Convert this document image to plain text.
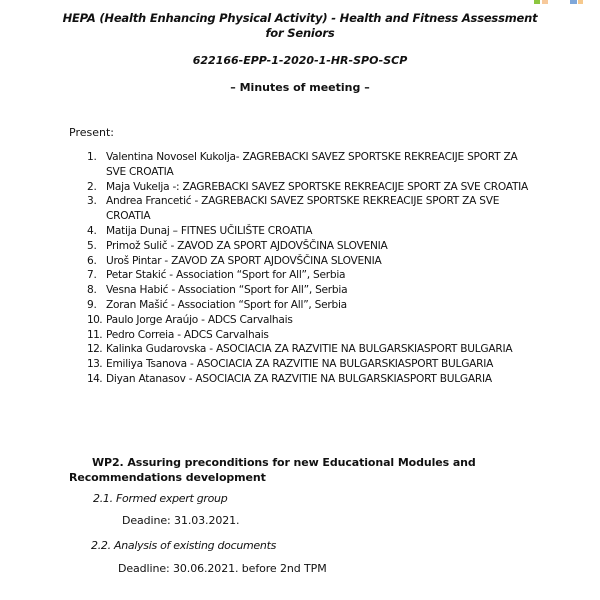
HEPA (Health Enhancing Physical Activity) - Health and Fitness Assessment for Seniors
622166-EPP-1-2020-1-HR-SPO-SCP
– Minutes of meeting –
Present:
1. Valentina Novosel Kukolja- ZAGREBACKI SAVEZ SPORTSKE REKREACIJE SPORT ZA SVE CROATIA
2. Maja Vukelja -: ZAGREBACKI SAVEZ SPORTSKE REKREACIJE SPORT ZA SVE CROATIA
3. Andrea Francetić - ZAGREBACKI SAVEZ SPORTSKE REKREACIJE SPORT ZA SVE CROATIA
4. Matija Dunaj – FITNES UČILIŠTE CROATIA
5. Primož Sulič - ZAVOD ZA SPORT AJDOVŠČINA SLOVENIA
6. Uroš Pintar - ZAVOD ZA SPORT AJDOVŠČINA SLOVENIA
7. Petar Stakić - Association “Sport for All”, Serbia
8. Vesna Habić - Association “Sport for All”, Serbia
9. Zoran Mašić - Association “Sport for All”, Serbia
10. Paulo Jorge Araújo - ADCS Carvalhais
11. Pedro Correia - ADCS Carvalhais
12. Kalinka Gudarovska - ASOCIACIA ZA RAZVITIE NA BULGARSKIASPORT BULGARIA
13. Emiliya Tsanova - ASOCIACIA ZA RAZVITIE NA BULGARSKIASPORT BULGARIA
14. Diyan Atanasov - ASOCIACIA ZA RAZVITIE NA BULGARSKIASPORT BULGARIA
WP2. Assuring preconditions for new Educational Modules and Recommendations development
2.1. Formed expert group
Deadine: 31.03.2021.
2.2. Analysis of existing documents
Deadline: 30.06.2021. before 2nd TPM
